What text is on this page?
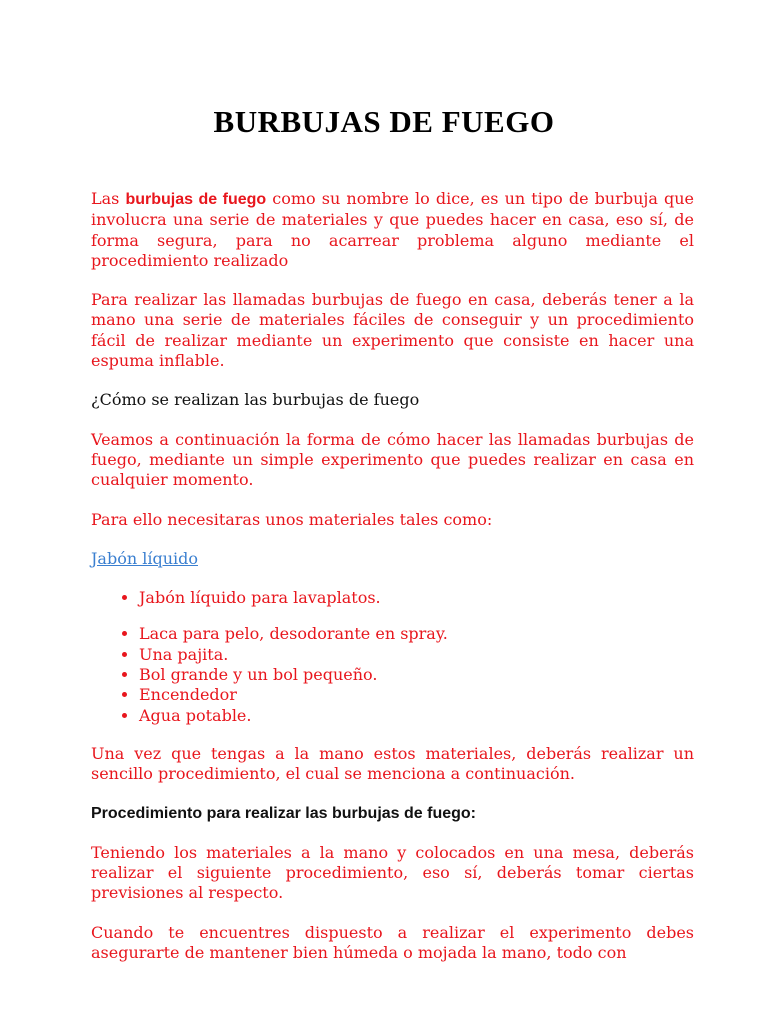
BURBUJAS DE FUEGO

Las burbujas de fuego como su nombre lo dice, es un tipo de burbuja que involucra una serie de materiales y que puedes hacer en casa, eso sí, de forma segura, para no acarrear problema alguno mediante el procedimiento realizado

Para realizar las llamadas burbujas de fuego en casa, deberás tener a la mano una serie de materiales fáciles de conseguir y un procedimiento fácil de realizar mediante un experimento que consiste en hacer una espuma inflable.

¿Cómo se realizan las burbujas de fuego

Veamos a continuación la forma de cómo hacer las llamadas burbujas de fuego, mediante un simple experimento que puedes realizar en casa en cualquier momento.

Para ello necesitaras unos materiales tales como:

Jabón líquido
• Jabón líquido para lavaplatos.
• Laca para pelo, desodorante en spray.
• Una pajita.
• Bol grande y un bol pequeño.
• Encendedor
• Agua potable.

Una vez que tengas a la mano estos materiales, deberás realizar un sencillo procedimiento, el cual se menciona a continuación.

Procedimiento para realizar las burbujas de fuego:

Teniendo los materiales a la mano y colocados en una mesa, deberás realizar el siguiente procedimiento, eso sí, deberás tomar ciertas previsiones al respecto.

Cuando te encuentres dispuesto a realizar el experimento debes asegurarte de mantener bien húmeda o mojada la mano, todo con
